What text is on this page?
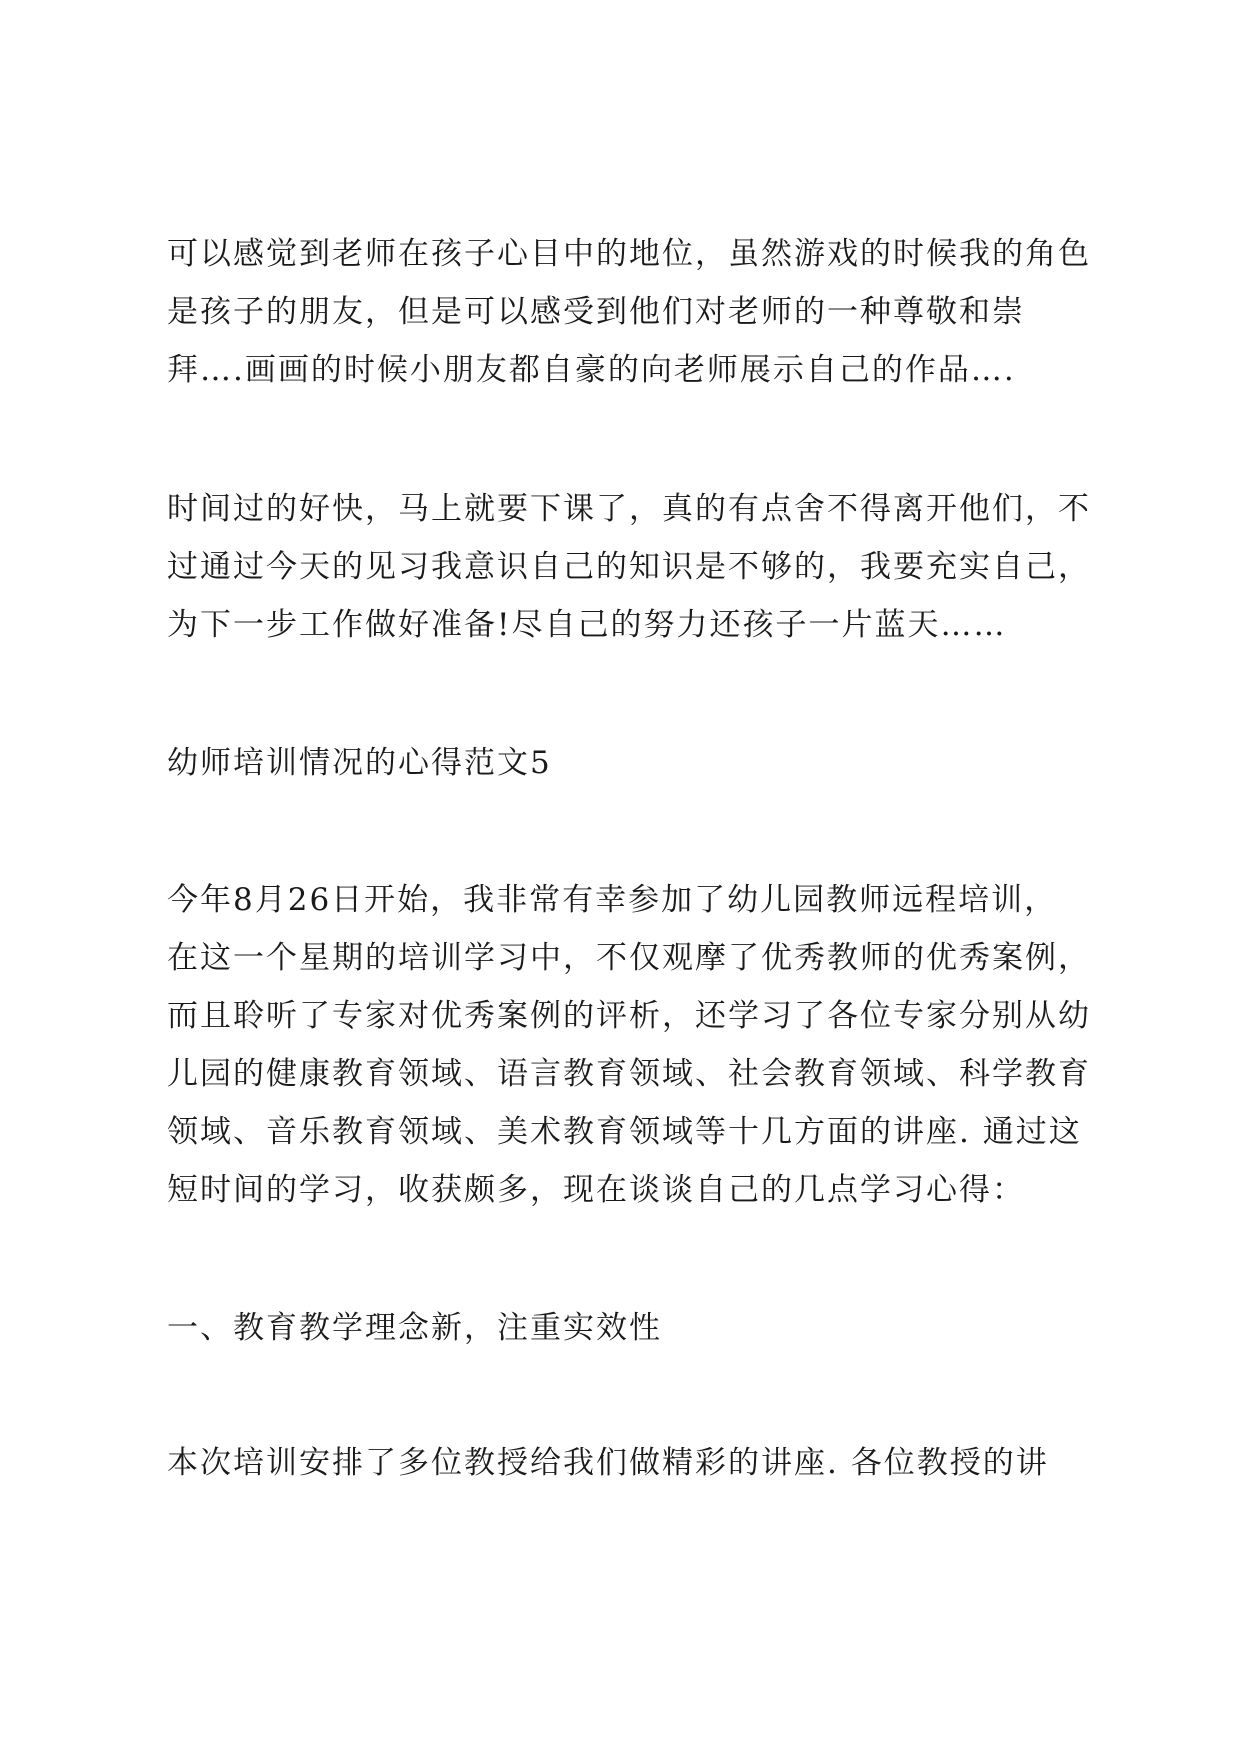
可以感觉到老师在孩子心目中的地位，虽然游戏的时候我的角色
是孩子的朋友，但是可以感受到他们对老师的一种尊敬和崇
拜….画画的时候小朋友都自豪的向老师展示自己的作品….
时间过的好快，马上就要下课了，真的有点舍不得离开他们，不
过通过今天的见习我意识自己的知识是不够的，我要充实自己，
为下一步工作做好准备!尽自己的努力还孩子一片蓝天……
幼师培训情况的心得范文5
今年8月26日开始，我非常有幸参加了幼儿园教师远程培训，
在这一个星期的培训学习中，不仅观摩了优秀教师的优秀案例，
而且聆听了专家对优秀案例的评析，还学习了各位专家分别从幼
儿园的健康教育领域、语言教育领域、社会教育领域、科学教育
领域、音乐教育领域、美术教育领域等十几方面的讲座. 通过这
短时间的学习，收获颇多，现在谈谈自己的几点学习心得：
一、教育教学理念新，注重实效性
本次培训安排了多位教授给我们做精彩的讲座. 各位教授的讲
